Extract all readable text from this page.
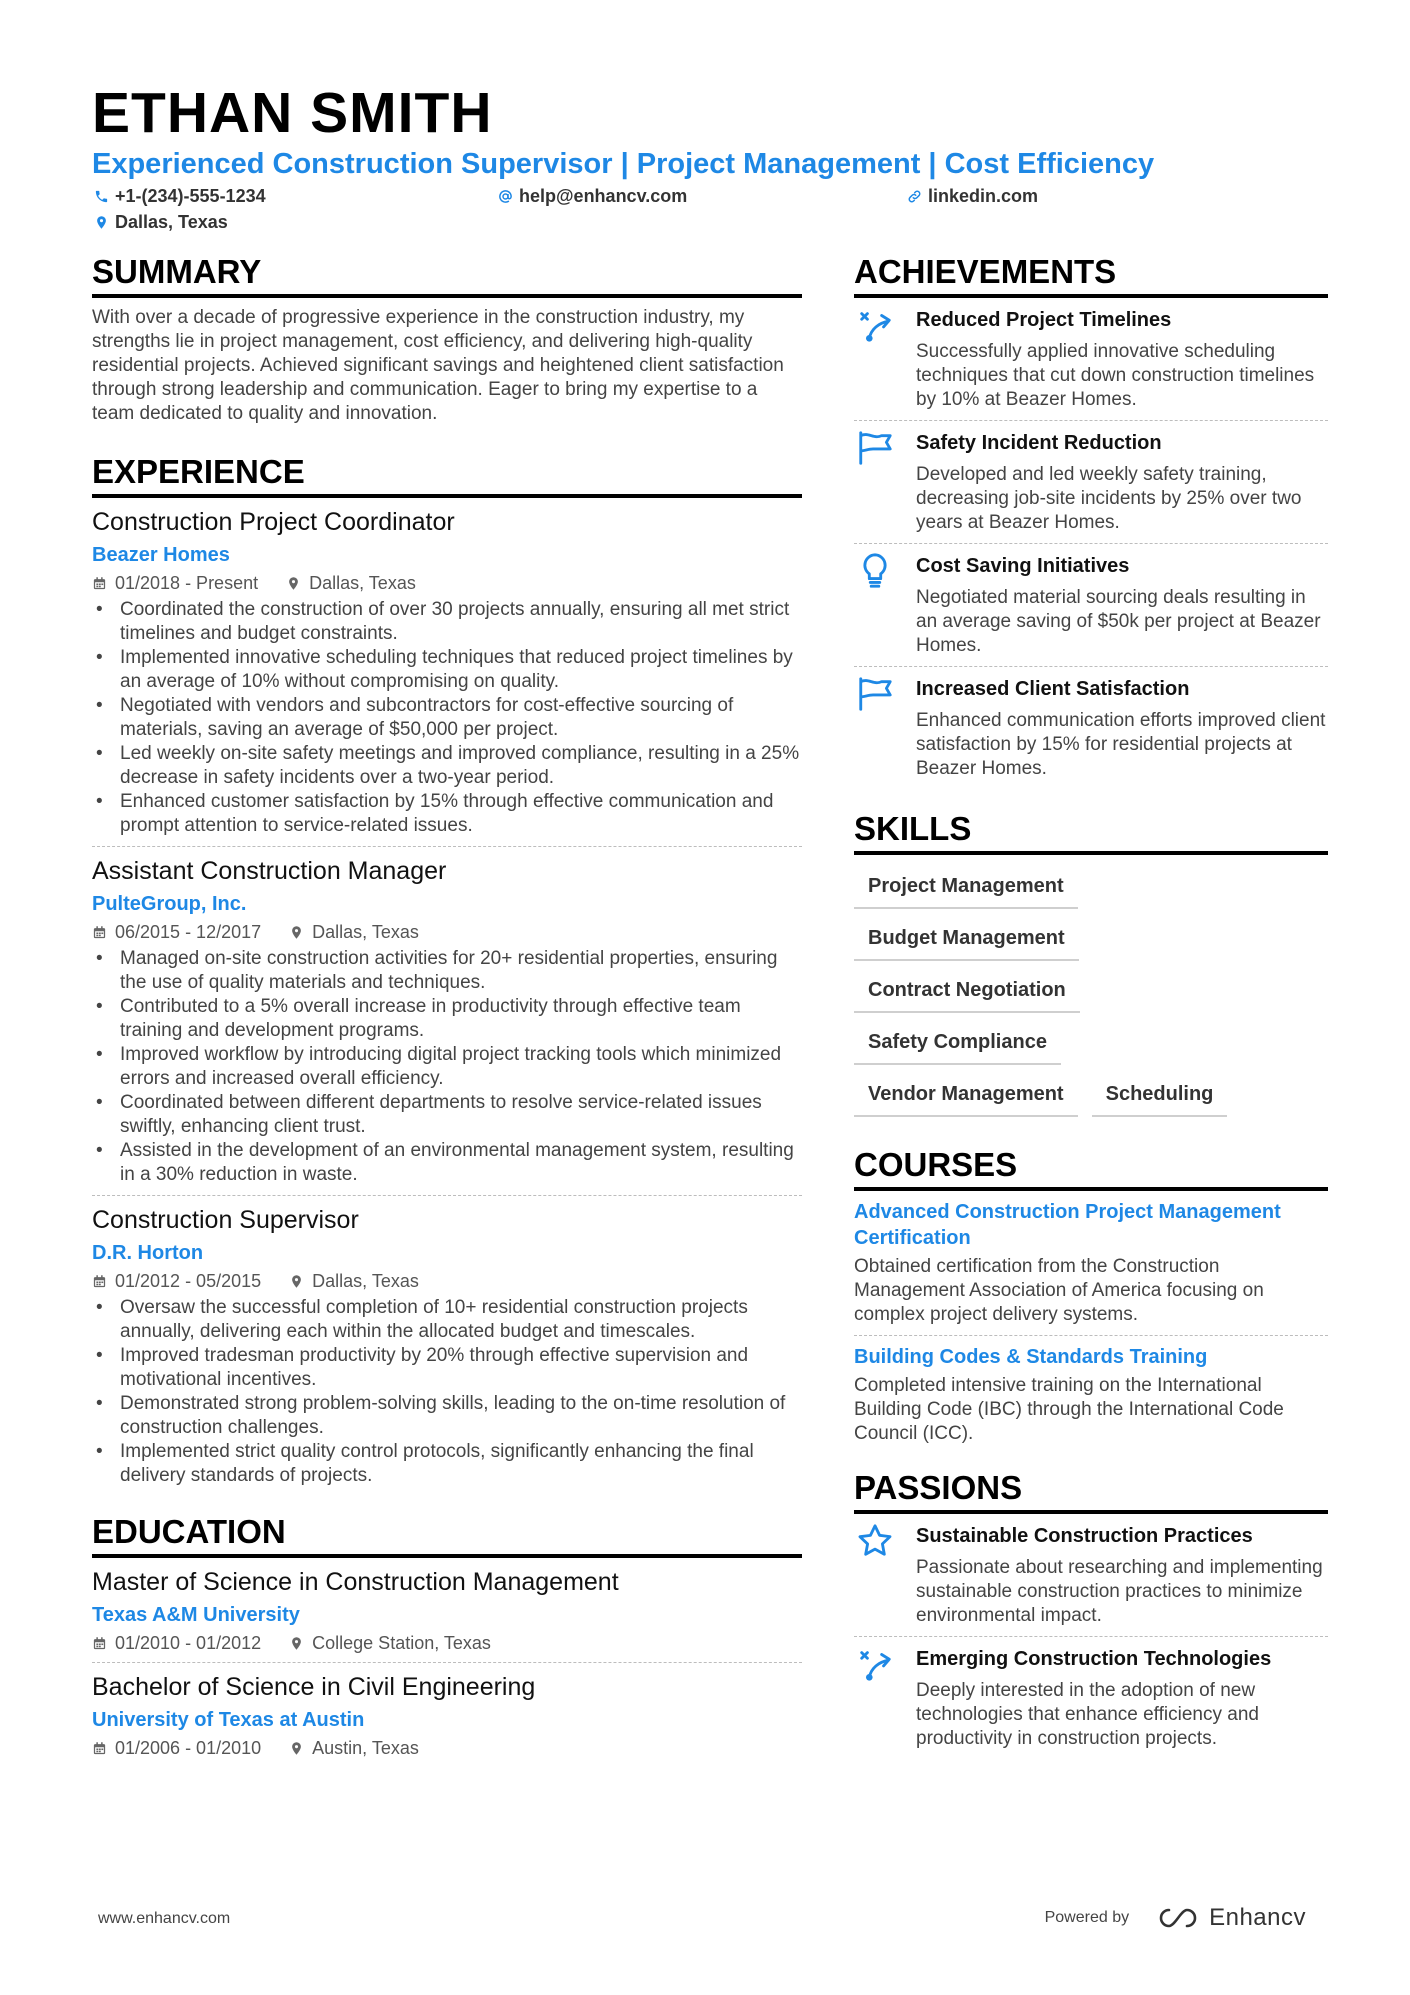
ETHAN SMITH
Experienced Construction Supervisor | Project Management | Cost Efficiency
+1-(234)-555-1234	help@enhancv.com	linkedin.com
Dallas, Texas
SUMMARY
With over a decade of progressive experience in the construction industry, my strengths lie in project management, cost efficiency, and delivering high-quality residential projects. Achieved significant savings and heightened client satisfaction through strong leadership and communication. Eager to bring my expertise to a team dedicated to quality and innovation.
EXPERIENCE
Construction Project Coordinator
Beazer Homes
01/2018 - Present	Dallas, Texas
• Coordinated the construction of over 30 projects annually, ensuring all met strict timelines and budget constraints.
• Implemented innovative scheduling techniques that reduced project timelines by an average of 10% without compromising on quality.
• Negotiated with vendors and subcontractors for cost-effective sourcing of materials, saving an average of $50,000 per project.
• Led weekly on-site safety meetings and improved compliance, resulting in a 25% decrease in safety incidents over a two-year period.
• Enhanced customer satisfaction by 15% through effective communication and prompt attention to service-related issues.
Assistant Construction Manager
PulteGroup, Inc.
06/2015 - 12/2017	Dallas, Texas
• Managed on-site construction activities for 20+ residential properties, ensuring the use of quality materials and techniques.
• Contributed to a 5% overall increase in productivity through effective team training and development programs.
• Improved workflow by introducing digital project tracking tools which minimized errors and increased overall efficiency.
• Coordinated between different departments to resolve service-related issues swiftly, enhancing client trust.
• Assisted in the development of an environmental management system, resulting in a 30% reduction in waste.
Construction Supervisor
D.R. Horton
01/2012 - 05/2015	Dallas, Texas
• Oversaw the successful completion of 10+ residential construction projects annually, delivering each within the allocated budget and timescales.
• Improved tradesman productivity by 20% through effective supervision and motivational incentives.
• Demonstrated strong problem-solving skills, leading to the on-time resolution of construction challenges.
• Implemented strict quality control protocols, significantly enhancing the final delivery standards of projects.
EDUCATION
Master of Science in Construction Management
Texas A&M University
01/2010 - 01/2012	College Station, Texas
Bachelor of Science in Civil Engineering
University of Texas at Austin
01/2006 - 01/2010	Austin, Texas
ACHIEVEMENTS
Reduced Project Timelines
Successfully applied innovative scheduling techniques that cut down construction timelines by 10% at Beazer Homes.
Safety Incident Reduction
Developed and led weekly safety training, decreasing job-site incidents by 25% over two years at Beazer Homes.
Cost Saving Initiatives
Negotiated material sourcing deals resulting in an average saving of $50k per project at Beazer Homes.
Increased Client Satisfaction
Enhanced communication efforts improved client satisfaction by 15% for residential projects at Beazer Homes.
SKILLS
Project Management
Budget Management
Contract Negotiation
Safety Compliance
Vendor Management	Scheduling
COURSES
Advanced Construction Project Management Certification
Obtained certification from the Construction Management Association of America focusing on complex project delivery systems.
Building Codes & Standards Training
Completed intensive training on the International Building Code (IBC) through the International Code Council (ICC).
PASSIONS
Sustainable Construction Practices
Passionate about researching and implementing sustainable construction practices to minimize environmental impact.
Emerging Construction Technologies
Deeply interested in the adoption of new technologies that enhance efficiency and productivity in construction projects.
www.enhancv.com	Powered by	Enhancv
